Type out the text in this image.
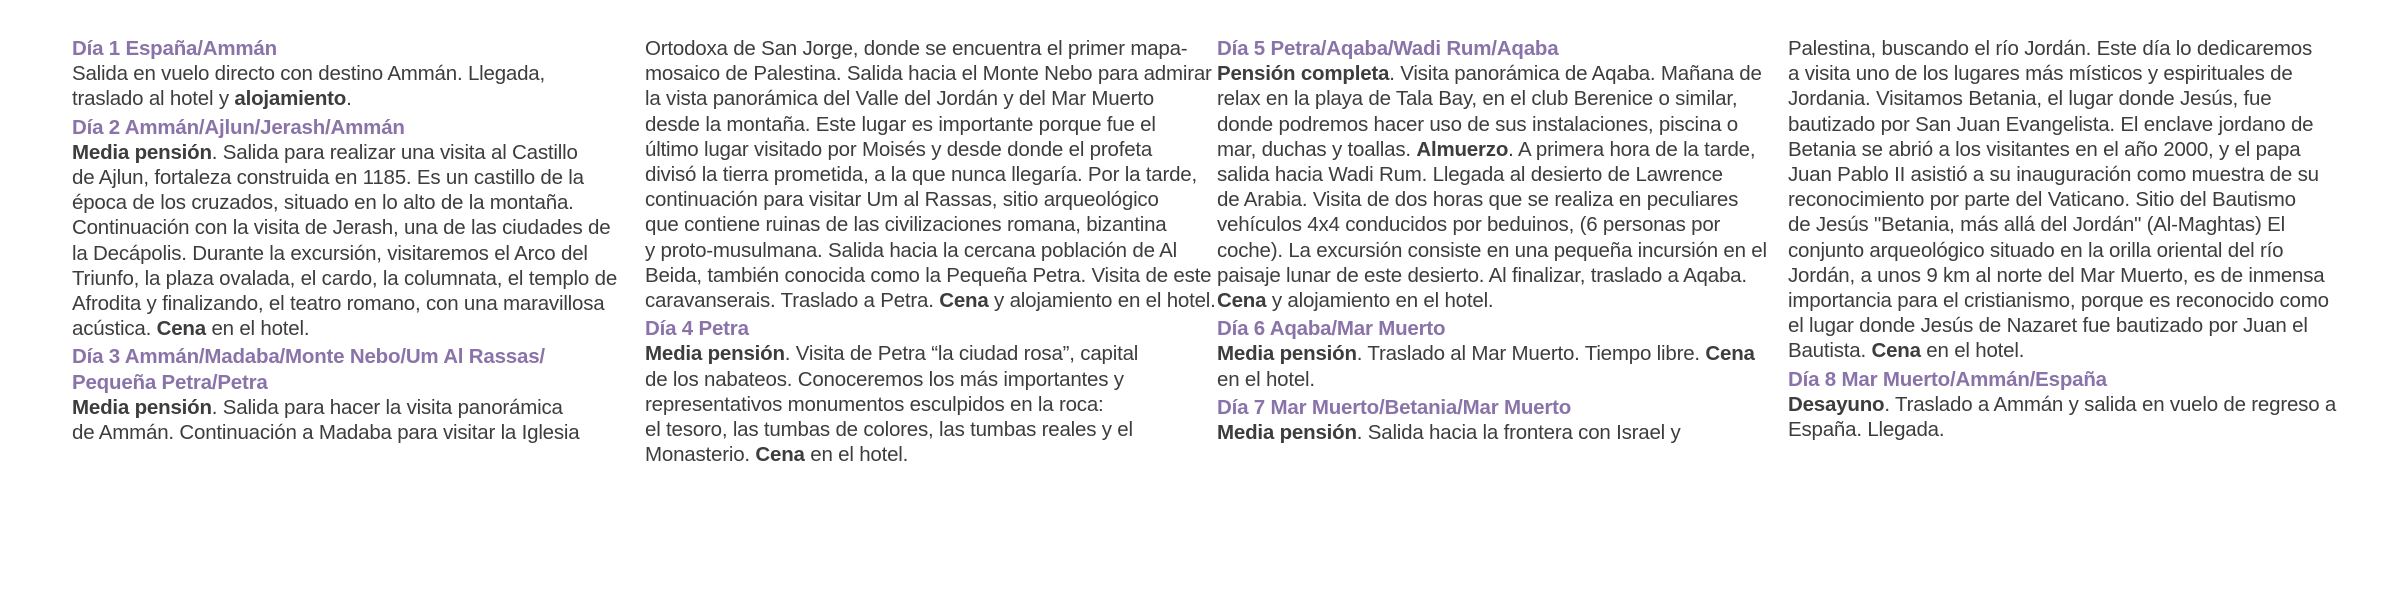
Día 1 España/Ammán
Salida en vuelo directo con destino Ammán. Llegada,
traslado al hotel y alojamiento.
Día 2 Ammán/Ajlun/Jerash/Ammán
Media pensión. Salida para realizar una visita al Castillo
de Ajlun, fortaleza construida en 1185. Es un castillo de la
época de los cruzados, situado en lo alto de la montaña.
Continuación con la visita de Jerash, una de las ciudades de
la Decápolis. Durante la excursión, visitaremos el Arco del
Triunfo, la plaza ovalada, el cardo, la columnata, el templo de
Afrodita y finalizando, el teatro romano, con una maravillosa
acústica. Cena en el hotel.
Día 3 Ammán/Madaba/Monte Nebo/Um Al Rassas/
Pequeña Petra/Petra
Media pensión. Salida para hacer la visita panorámica
de Ammán. Continuación a Madaba para visitar la Iglesia
Ortodoxa de San Jorge, donde se encuentra el primer mapa-
mosaico de Palestina. Salida hacia el Monte Nebo para admirar
la vista panorámica del Valle del Jordán y del Mar Muerto
desde la montaña. Este lugar es importante porque fue el
último lugar visitado por Moisés y desde donde el profeta
divisó la tierra prometida, a la que nunca llegaría. Por la tarde,
continuación para visitar Um al Rassas, sitio arqueológico
que contiene ruinas de las civilizaciones romana, bizantina
y proto-musulmana. Salida hacia la cercana población de Al
Beida, también conocida como la Pequeña Petra. Visita de este
caravanserais. Traslado a Petra. Cena y alojamiento en el hotel.
Día 4 Petra
Media pensión. Visita de Petra “la ciudad rosa”, capital
de los nabateos. Conoceremos los más importantes y
representativos monumentos esculpidos en la roca:
el tesoro, las tumbas de colores, las tumbas reales y el
Monasterio. Cena en el hotel.
Día 5 Petra/Aqaba/Wadi Rum/Aqaba
Pensión completa. Visita panorámica de Aqaba. Mañana de
relax en la playa de Tala Bay, en el club Berenice o similar,
donde podremos hacer uso de sus instalaciones, piscina o
mar, duchas y toallas. Almuerzo. A primera hora de la tarde,
salida hacia Wadi Rum. Llegada al desierto de Lawrence
de Arabia. Visita de dos horas que se realiza en peculiares
vehículos 4x4 conducidos por beduinos, (6 personas por
coche). La excursión consiste en una pequeña incursión en el
paisaje lunar de este desierto. Al finalizar, traslado a Aqaba.
Cena y alojamiento en el hotel.
Día 6 Aqaba/Mar Muerto
Media pensión. Traslado al Mar Muerto. Tiempo libre. Cena
en el hotel.
Día 7 Mar Muerto/Betania/Mar Muerto
Media pensión. Salida hacia la frontera con Israel y
Palestina, buscando el río Jordán. Este día lo dedicaremos
a visita uno de los lugares más místicos y espirituales de
Jordania. Visitamos Betania, el lugar donde Jesús, fue
bautizado por San Juan Evangelista. El enclave jordano de
Betania se abrió a los visitantes en el año 2000, y el papa
Juan Pablo II asistió a su inauguración como muestra de su
reconocimiento por parte del Vaticano. Sitio del Bautismo
de Jesús "Betania, más allá del Jordán" (Al-Maghtas) El
conjunto arqueológico situado en la orilla oriental del río
Jordán, a unos 9 km al norte del Mar Muerto, es de inmensa
importancia para el cristianismo, porque es reconocido como
el lugar donde Jesús de Nazaret fue bautizado por Juan el
Bautista. Cena en el hotel.
Día 8 Mar Muerto/Ammán/España
Desayuno. Traslado a Ammán y salida en vuelo de regreso a
España. Llegada.
